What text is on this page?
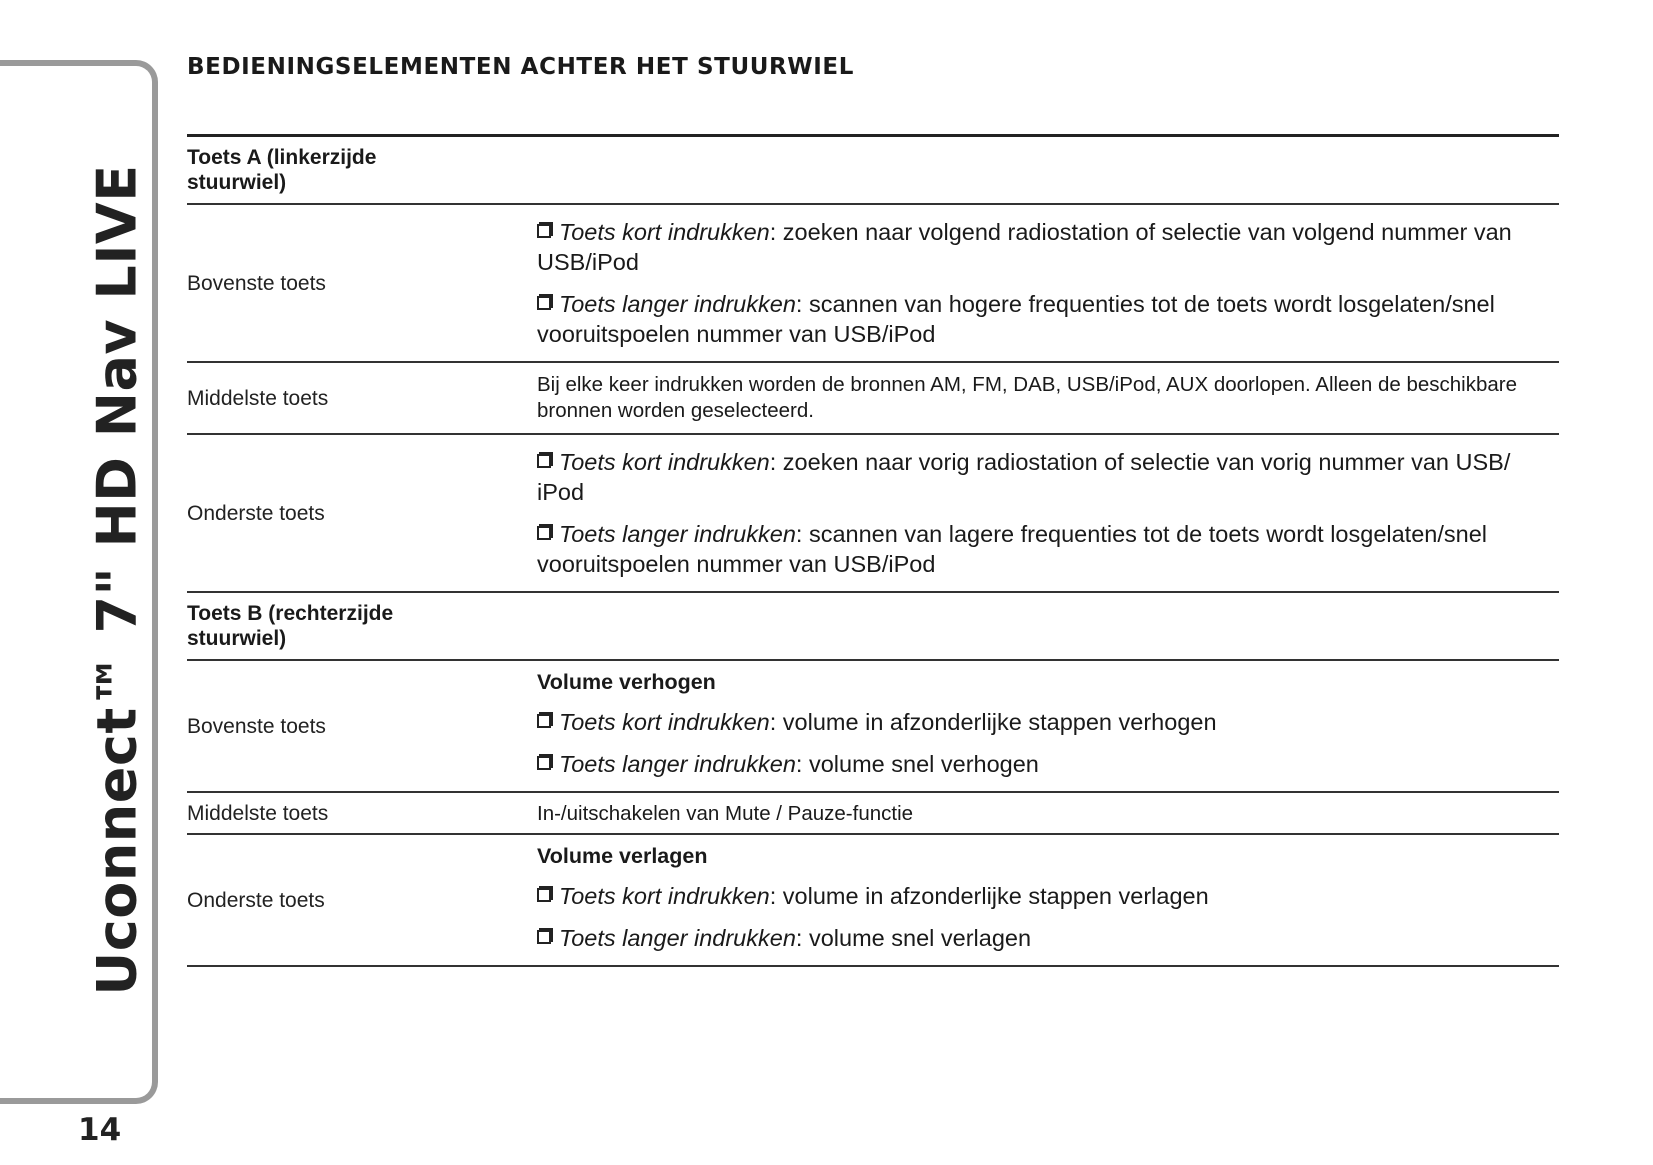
Uconnect™ 7" HD Nav LIVE
14
BEDIENINGSELEMENTEN ACHTER HET STUURWIEL
Toets A (linkerzijde
stuurwiel)	

Bovenste toets	Toets kort indrukken: zoeken naar volgend radiostation of selectie van volgend nummer van USB/iPod
Toets langer indrukken: scannen van hogere frequenties tot de toets wordt losgelaten/snel vooruitspoelen nummer van USB/iPod

Middelste toets	Bij elke keer indrukken worden de bronnen AM, FM, DAB, USB/iPod, AUX doorlopen. Alleen de beschikbare bronnen worden geselecteerd.

Onderste toets	Toets kort indrukken: zoeken naar vorig radiostation of selectie van vorig nummer van USB/ iPod
Toets langer indrukken: scannen van lagere frequenties tot de toets wordt losgelaten/snel vooruitspoelen nummer van USB/iPod

Toets B (rechterzijde
stuurwiel)	

Bovenste toets	Volume verhogen
Toets kort indrukken: volume in afzonderlijke stappen verhogen
Toets langer indrukken: volume snel verhogen

Middelste toets	In-/uitschakelen van Mute / Pauze-functie
Onderste toets	Volume verlagen
Toets kort indrukken: volume in afzonderlijke stappen verlagen
Toets langer indrukken: volume snel verlagen
